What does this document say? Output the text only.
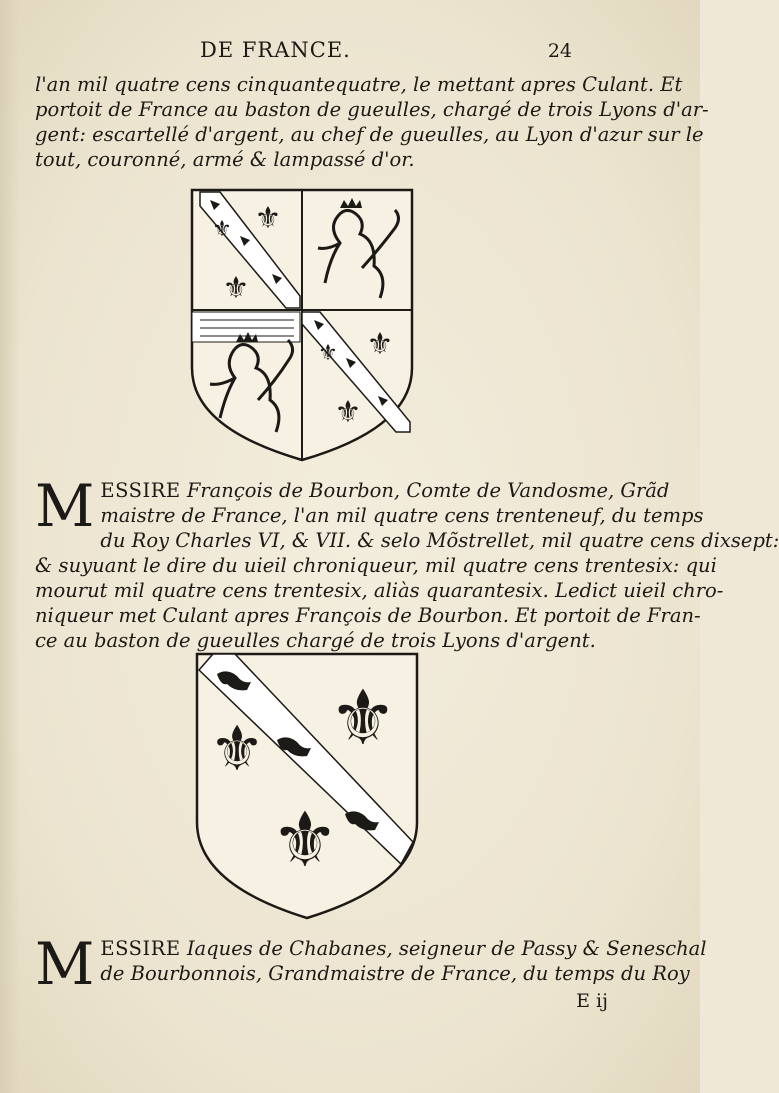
DE FRANCE.	24
l'an mil quatre cens cinquantequatre, le mettant apres Culant. Et
portoit de France au baston de gueulles, chargé de trois Lyons d'ar-
gent: escartellé d'argent, au chef de gueulles, au Lyon d'azur sur le
tout, couronné, armé & lampassé d'or.
⚜
⚜
⚜
⚜
⚜
⚜
M ESSIRE François de Bourbon, Comte de Vandosme, Grãd
maistre de France, l'an mil quatre cens trenteneuf, du temps
du Roy Charles VI, & VII. & selo Mõstrellet, mil quatre cens dixsept:
& suyuant le dire du uieil chroniqueur, mil quatre cens trentesix: qui
mourut mil quatre cens trentesix, aliàs quarantesix. Ledict uieil chro-
niqueur met Culant apres François de Bourbon. Et portoit de Fran-
ce au baston de gueulles chargé de trois Lyons d'argent.
⚜
⚜
⚜
M ESSIRE Iaques de Chabanes, seigneur de Passy & Seneschal
de Bourbonnois, Grandmaistre de France, du temps du Roy
E ij
